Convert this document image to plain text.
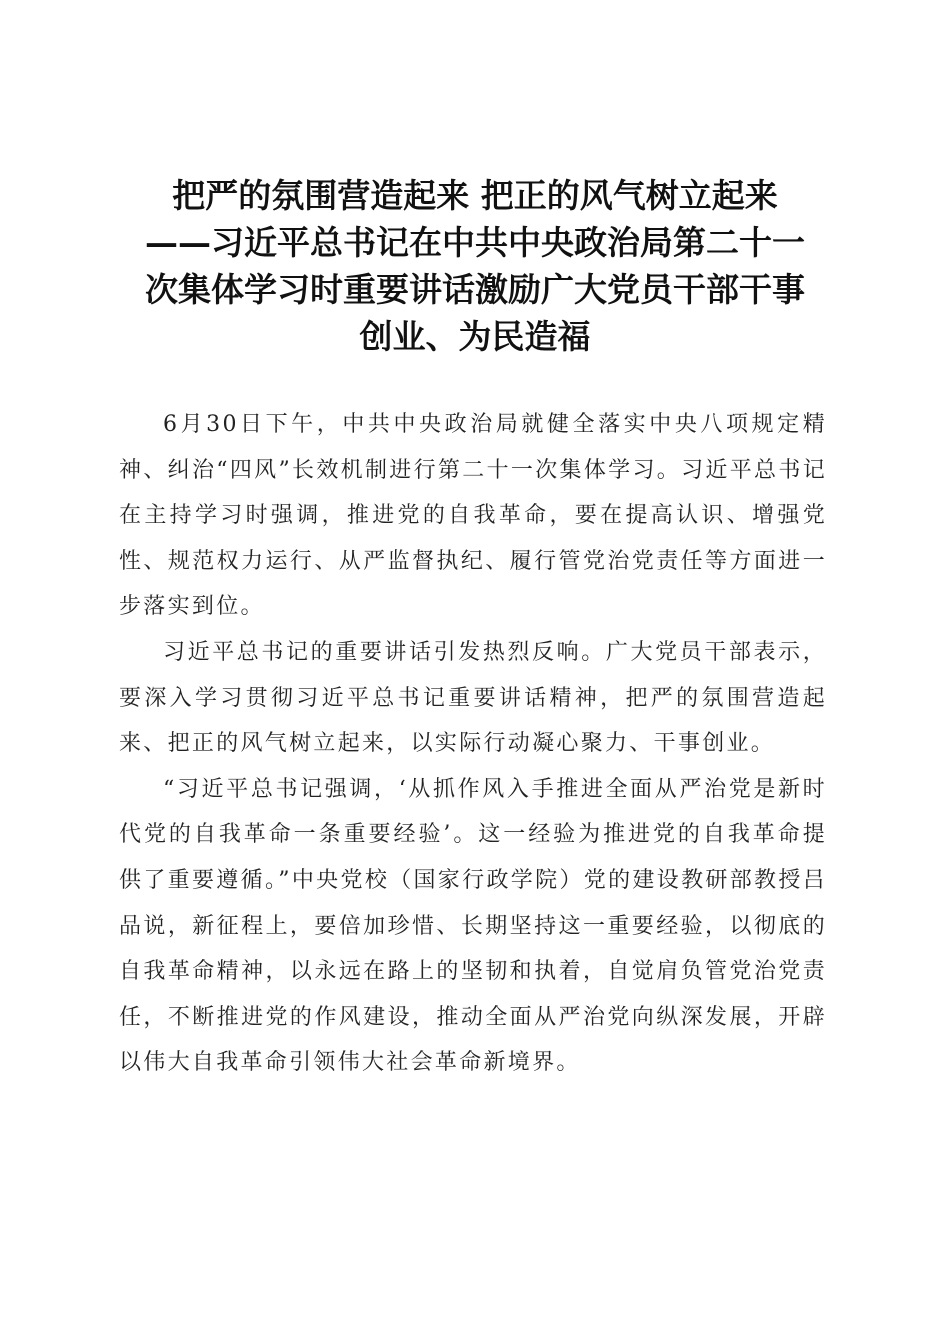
把严的氛围营造起来 把正的风气树立起来
——习近平总书记在中共中央政治局第二十一
次集体学习时重要讲话激励广大党员干部干事
创业、为民造福

6月30日下午，中共中央政治局就健全落实中央八项规定精神、纠治“四风”长效机制进行第二十一次集体学习。习近平总书记在主持学习时强调，推进党的自我革命，要在提高认识、增强党性、规范权力运行、从严监督执纪、履行管党治党责任等方面进一步落实到位。

习近平总书记的重要讲话引发热烈反响。广大党员干部表示，要深入学习贯彻习近平总书记重要讲话精神，把严的氛围营造起来、把正的风气树立起来，以实际行动凝心聚力、干事创业。

“习近平总书记强调，‘从抓作风入手推进全面从严治党是新时代党的自我革命一条重要经验’。这一经验为推进党的自我革命提供了重要遵循。”中央党校（国家行政学院）党的建设教研部教授吕品说，新征程上，要倍加珍惜、长期坚持这一重要经验，以彻底的自我革命精神，以永远在路上的坚韧和执着，自觉肩负管党治党责任，不断推进党的作风建设，推动全面从严治党向纵深发展，开辟以伟大自我革命引领伟大社会革命新境界。
